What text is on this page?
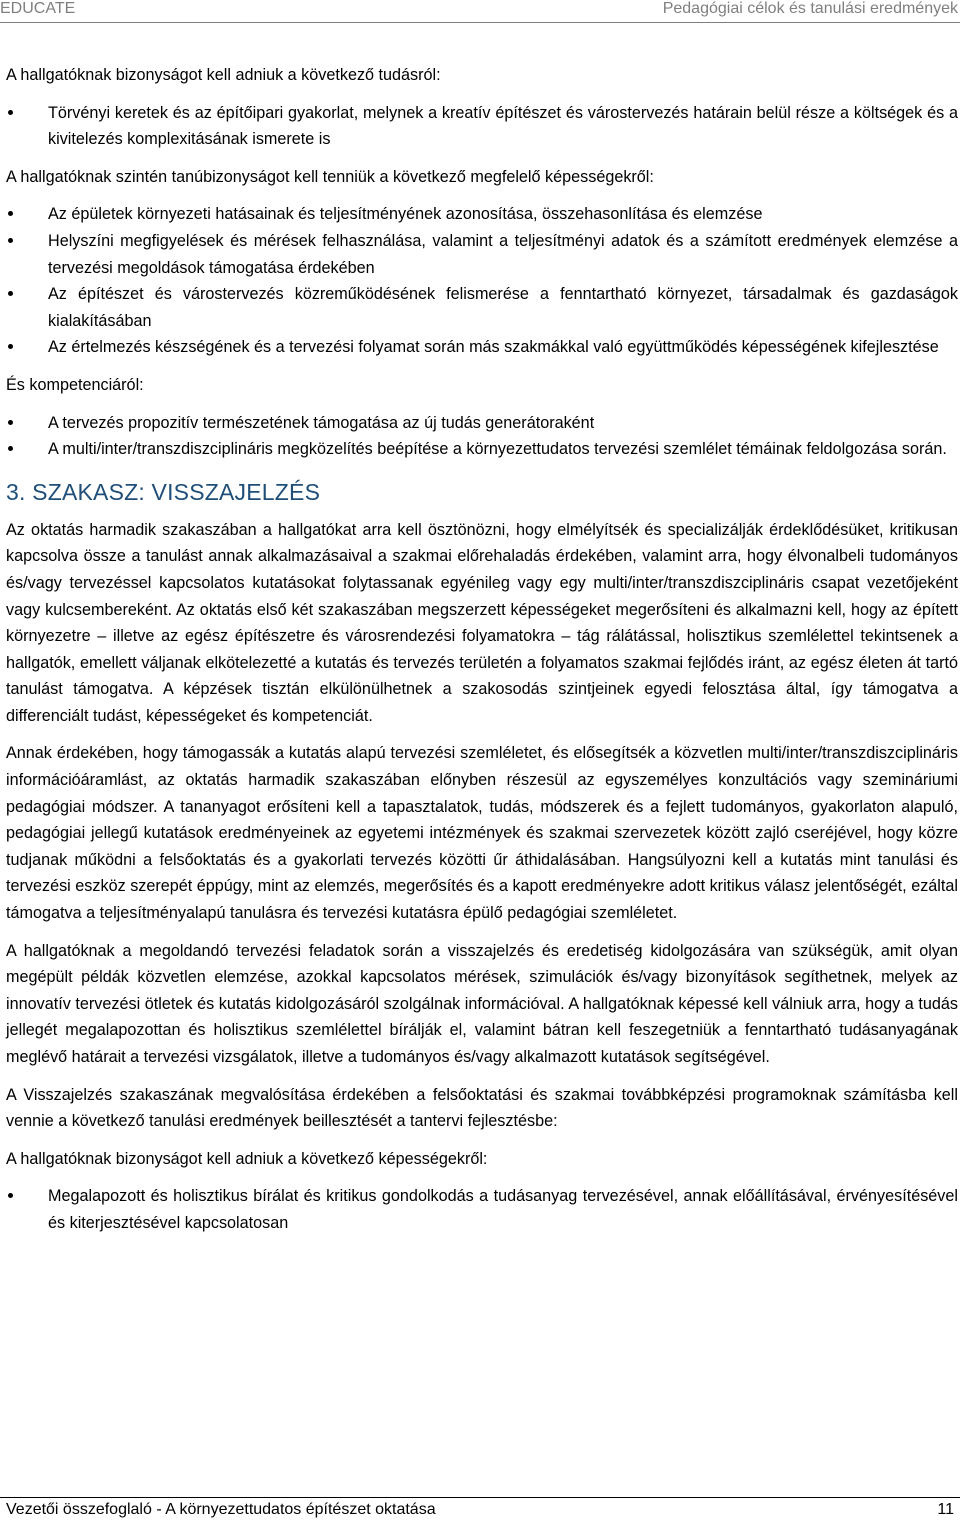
EDUCATE	Pedagógiai célok és tanulási eredmények

A hallgatóknak bizonyságot kell adniuk a következő tudásról:

Törvényi keretek és az építőipari gyakorlat, melynek a kreatív építészet és várostervezés határain belül része a költségek és a kivitelezés komplexitásának ismerete is

A hallgatóknak szintén tanúbizonyságot kell tenniük a következő megfelelő képességekről:

Az épületek környezeti hatásainak és teljesítményének azonosítása, összehasonlítása és elemzése
Helyszíni megfigyelések és mérések felhasználása, valamint a teljesítményi adatok és a számított eredmények elemzése a tervezési megoldások támogatása érdekében
Az építészet és várostervezés közreműködésének felismerése a fenntartható környezet, társadalmak és gazdaságok kialakításában
Az értelmezés készségének és a tervezési folyamat során más szakmákkal való együttműködés képességének kifejlesztése

És kompetenciáról:

A tervezés propozitív természetének támogatása az új tudás generátoraként
A multi/inter/transzdiszciplináris megközelítés beépítése a környezettudatos tervezési szemlélet témáinak feldolgozása során.
3. SZAKASZ: VISSZAJELZÉS

Az oktatás harmadik szakaszában a hallgatókat arra kell ösztönözni, hogy elmélyítsék és specializálják érdeklődésüket, kritikusan kapcsolva össze a tanulást annak alkalmazásaival a szakmai előrehaladás érdekében, valamint arra, hogy élvonalbeli tudományos és/vagy tervezéssel kapcsolatos kutatásokat folytassanak egyénileg vagy egy multi/inter/transzdiszciplináris csapat vezetőjeként vagy kulcsembereként. Az oktatás első két szakaszában megszerzett képességeket megerősíteni és alkalmazni kell, hogy az épített környezetre – illetve az egész építészetre és városrendezési folyamatokra – tág rálátással, holisztikus szemlélettel tekintsenek a hallgatók, emellett váljanak elkötelezetté a kutatás és tervezés területén a folyamatos szakmai fejlődés iránt, az egész életen át tartó tanulást támogatva. A képzések tisztán elkülönülhetnek a szakosodás szintjeinek egyedi felosztása által, így támogatva a differenciált tudást, képességeket és kompetenciát.

Annak érdekében, hogy támogassák a kutatás alapú tervezési szemléletet, és elősegítsék a közvetlen multi/inter/transzdiszciplináris információáramlást, az oktatás harmadik szakaszában előnyben részesül az egyszemélyes konzultációs vagy szemináriumi pedagógiai módszer. A tananyagot erősíteni kell a tapasztalatok, tudás, módszerek és a fejlett tudományos, gyakorlaton alapuló, pedagógiai jellegű kutatások eredményeinek az egyetemi intézmények és szakmai szervezetek között zajló cseréjével, hogy közre tudjanak működni a felsőoktatás és a gyakorlati tervezés közötti űr áthidalásában. Hangsúlyozni kell a kutatás mint tanulási és tervezési eszköz szerepét éppúgy, mint az elemzés, megerősítés és a kapott eredményekre adott kritikus válasz jelentőségét, ezáltal támogatva a teljesítményalapú tanulásra és tervezési kutatásra épülő pedagógiai szemléletet.

A hallgatóknak a megoldandó tervezési feladatok során a visszajelzés és eredetiség kidolgozására van szükségük, amit olyan megépült példák közvetlen elemzése, azokkal kapcsolatos mérések, szimulációk és/vagy bizonyítások segíthetnek, melyek az innovatív tervezési ötletek és kutatás kidolgozásáról szolgálnak információval. A hallgatóknak képessé kell válniuk arra, hogy a tudás jellegét megalapozottan és holisztikus szemlélettel bírálják el, valamint bátran kell feszegetniük a fenntartható tudásanyagának meglévő határait a tervezési vizsgálatok, illetve a tudományos és/vagy alkalmazott kutatások segítségével.

A Visszajelzés szakaszának megvalósítása érdekében a felsőoktatási és szakmai továbbképzési programoknak számításba kell vennie a következő tanulási eredmények beillesztését a tantervi fejlesztésbe:

A hallgatóknak bizonyságot kell adniuk a következő képességekről:

Megalapozott és holisztikus bírálat és kritikus gondolkodás a tudásanyag tervezésével, annak előállításával, érvényesítésével és kiterjesztésével kapcsolatosan
Vezetői összefoglaló - A környezettudatos építészet oktatása	11
